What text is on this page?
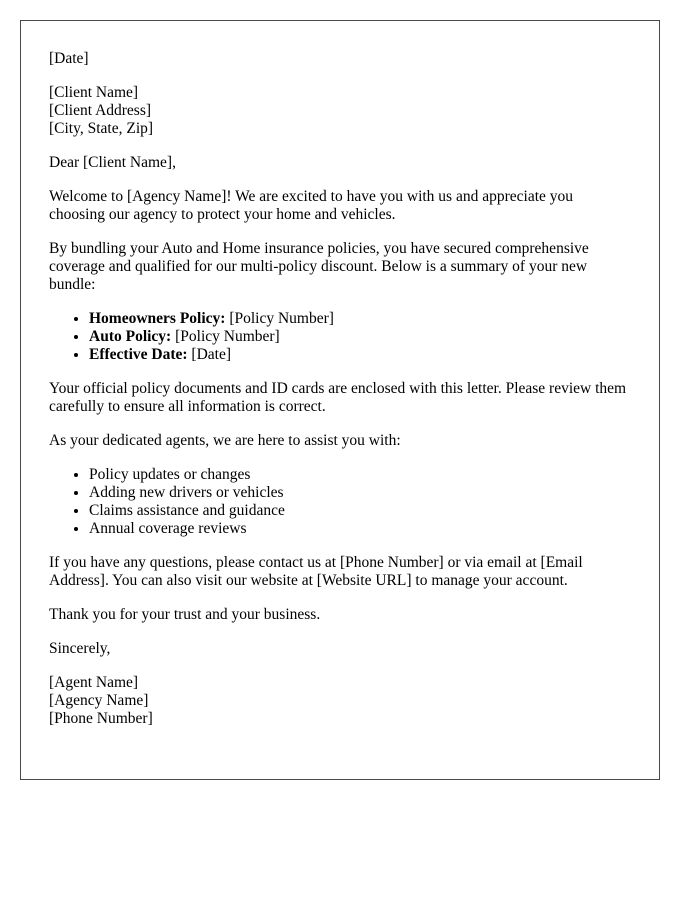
[Date]

[Client Name]
[Client Address]
[City, State, Zip]

Dear [Client Name],

Welcome to [Agency Name]! We are excited to have you with us and appreciate you choosing our agency to protect your home and vehicles.

By bundling your Auto and Home insurance policies, you have secured comprehensive coverage and qualified for our multi-policy discount. Below is a summary of your new bundle:

• Homeowners Policy: [Policy Number]
• Auto Policy: [Policy Number]
• Effective Date: [Date]

Your official policy documents and ID cards are enclosed with this letter. Please review them carefully to ensure all information is correct.

As your dedicated agents, we are here to assist you with:

• Policy updates or changes
• Adding new drivers or vehicles
• Claims assistance and guidance
• Annual coverage reviews

If you have any questions, please contact us at [Phone Number] or via email at [Email Address]. You can also visit our website at [Website URL] to manage your account.

Thank you for your trust and your business.

Sincerely,

[Agent Name]
[Agency Name]
[Phone Number]
